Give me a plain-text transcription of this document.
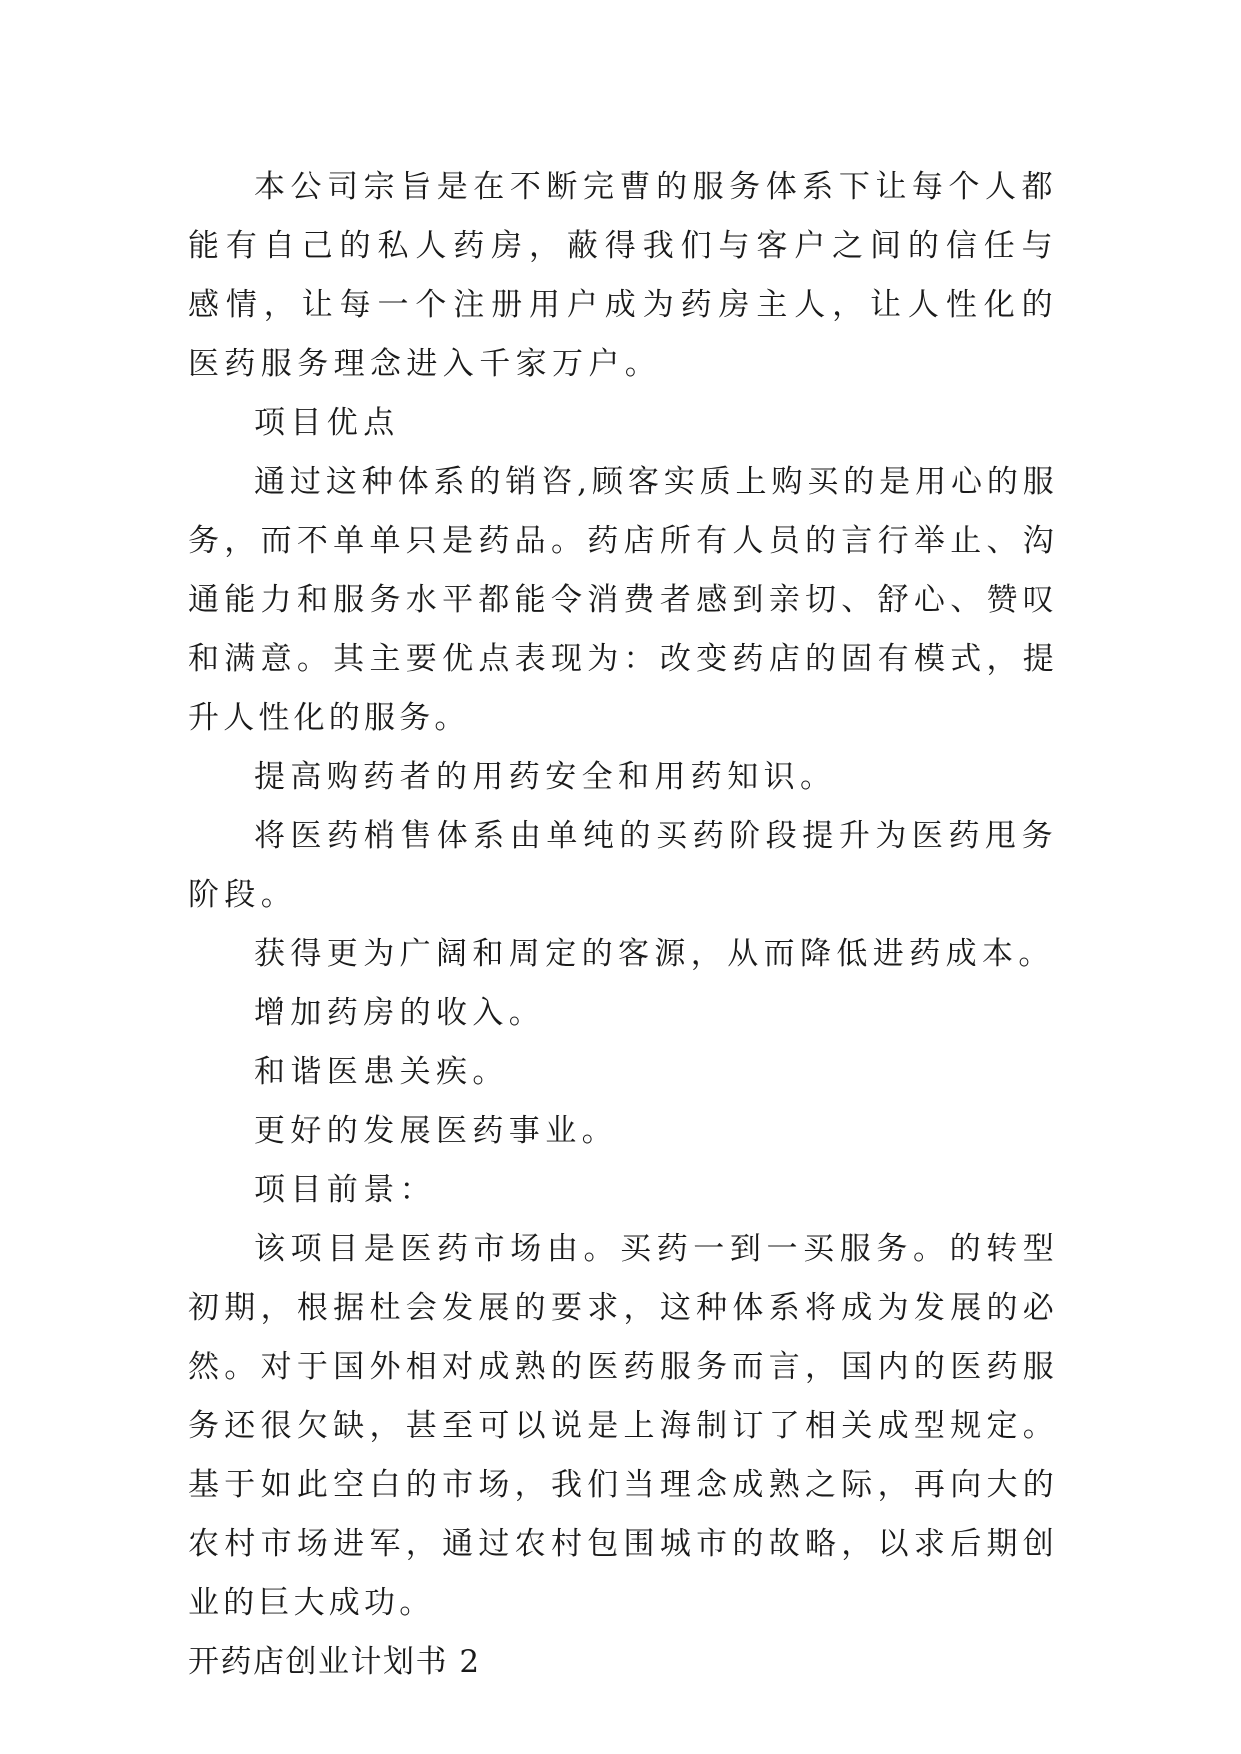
本公司宗旨是在不断完曹的服务体系下让每个人都能有自己的私人药房，蔽得我们与客户之间的信任与感情，让每一个注册用户成为药房主人，让人性化的医药服务理念进入千家万户。

项目优点

通过这种体系的销咨,顾客实质上购买的是用心的服务，而不单单只是药品。药店所有人员的言行举止、沟通能力和服务水平都能令消费者感到亲切、舒心、赞叹和满意。其主要优点表现为：改变药店的固有模式，提升人性化的服务。

提高购药者的用药安全和用药知识。

将医药梢售体系由单纯的买药阶段提升为医药甩务阶段。

获得更为广阔和周定的客源，从而降低进药成本。

增加药房的收入。

和谐医患关疾。

更好的发展医药事业。

项目前景：

该项目是医药市场由。买药一到一买服务。的转型初期，根据杜会发展的要求，这种体系将成为发展的必然。对于国外相对成熟的医药服务而言，国内的医药服务还很欠缺，甚至可以说是上海制订了相关成型规定。基于如此空白的市场，我们当理念成熟之际，再向大的农村市场进军，通过农村包围城市的故略，以求后期创业的巨大成功。

开药店创业计划书 2
